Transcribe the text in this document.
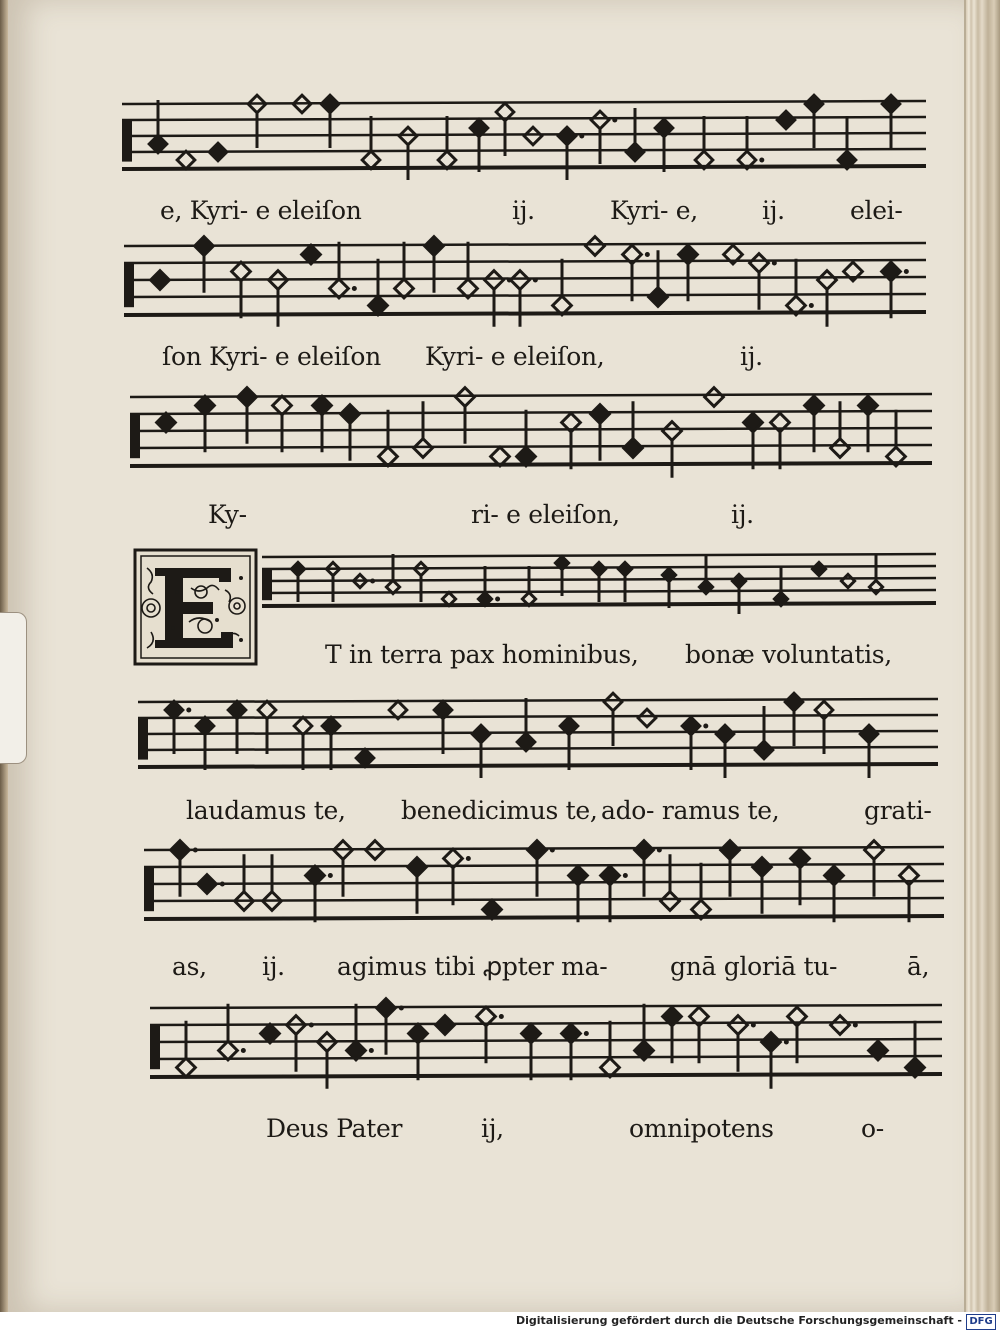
e, Kyri- e eleiſon	ij.	Kyri- e,	ij.	elei-
ſon Kyri- e eleiſon Kyri- e eleiſon,	ij.
Ky-	ri- e eleiſon,	ij.
T in terra pax hominibus, bonæ voluntatis,
laudamus te, benedicimus te, ado- ramus te,	grati-
as, ij. agimus tibi ꝓpter ma-	gnā gloriā tu-	ā,
Deus Pater	ij,	omnipotens	o-
Digitalisierung gefördert durch die Deutsche Forschungsgemeinschaft - DFG
